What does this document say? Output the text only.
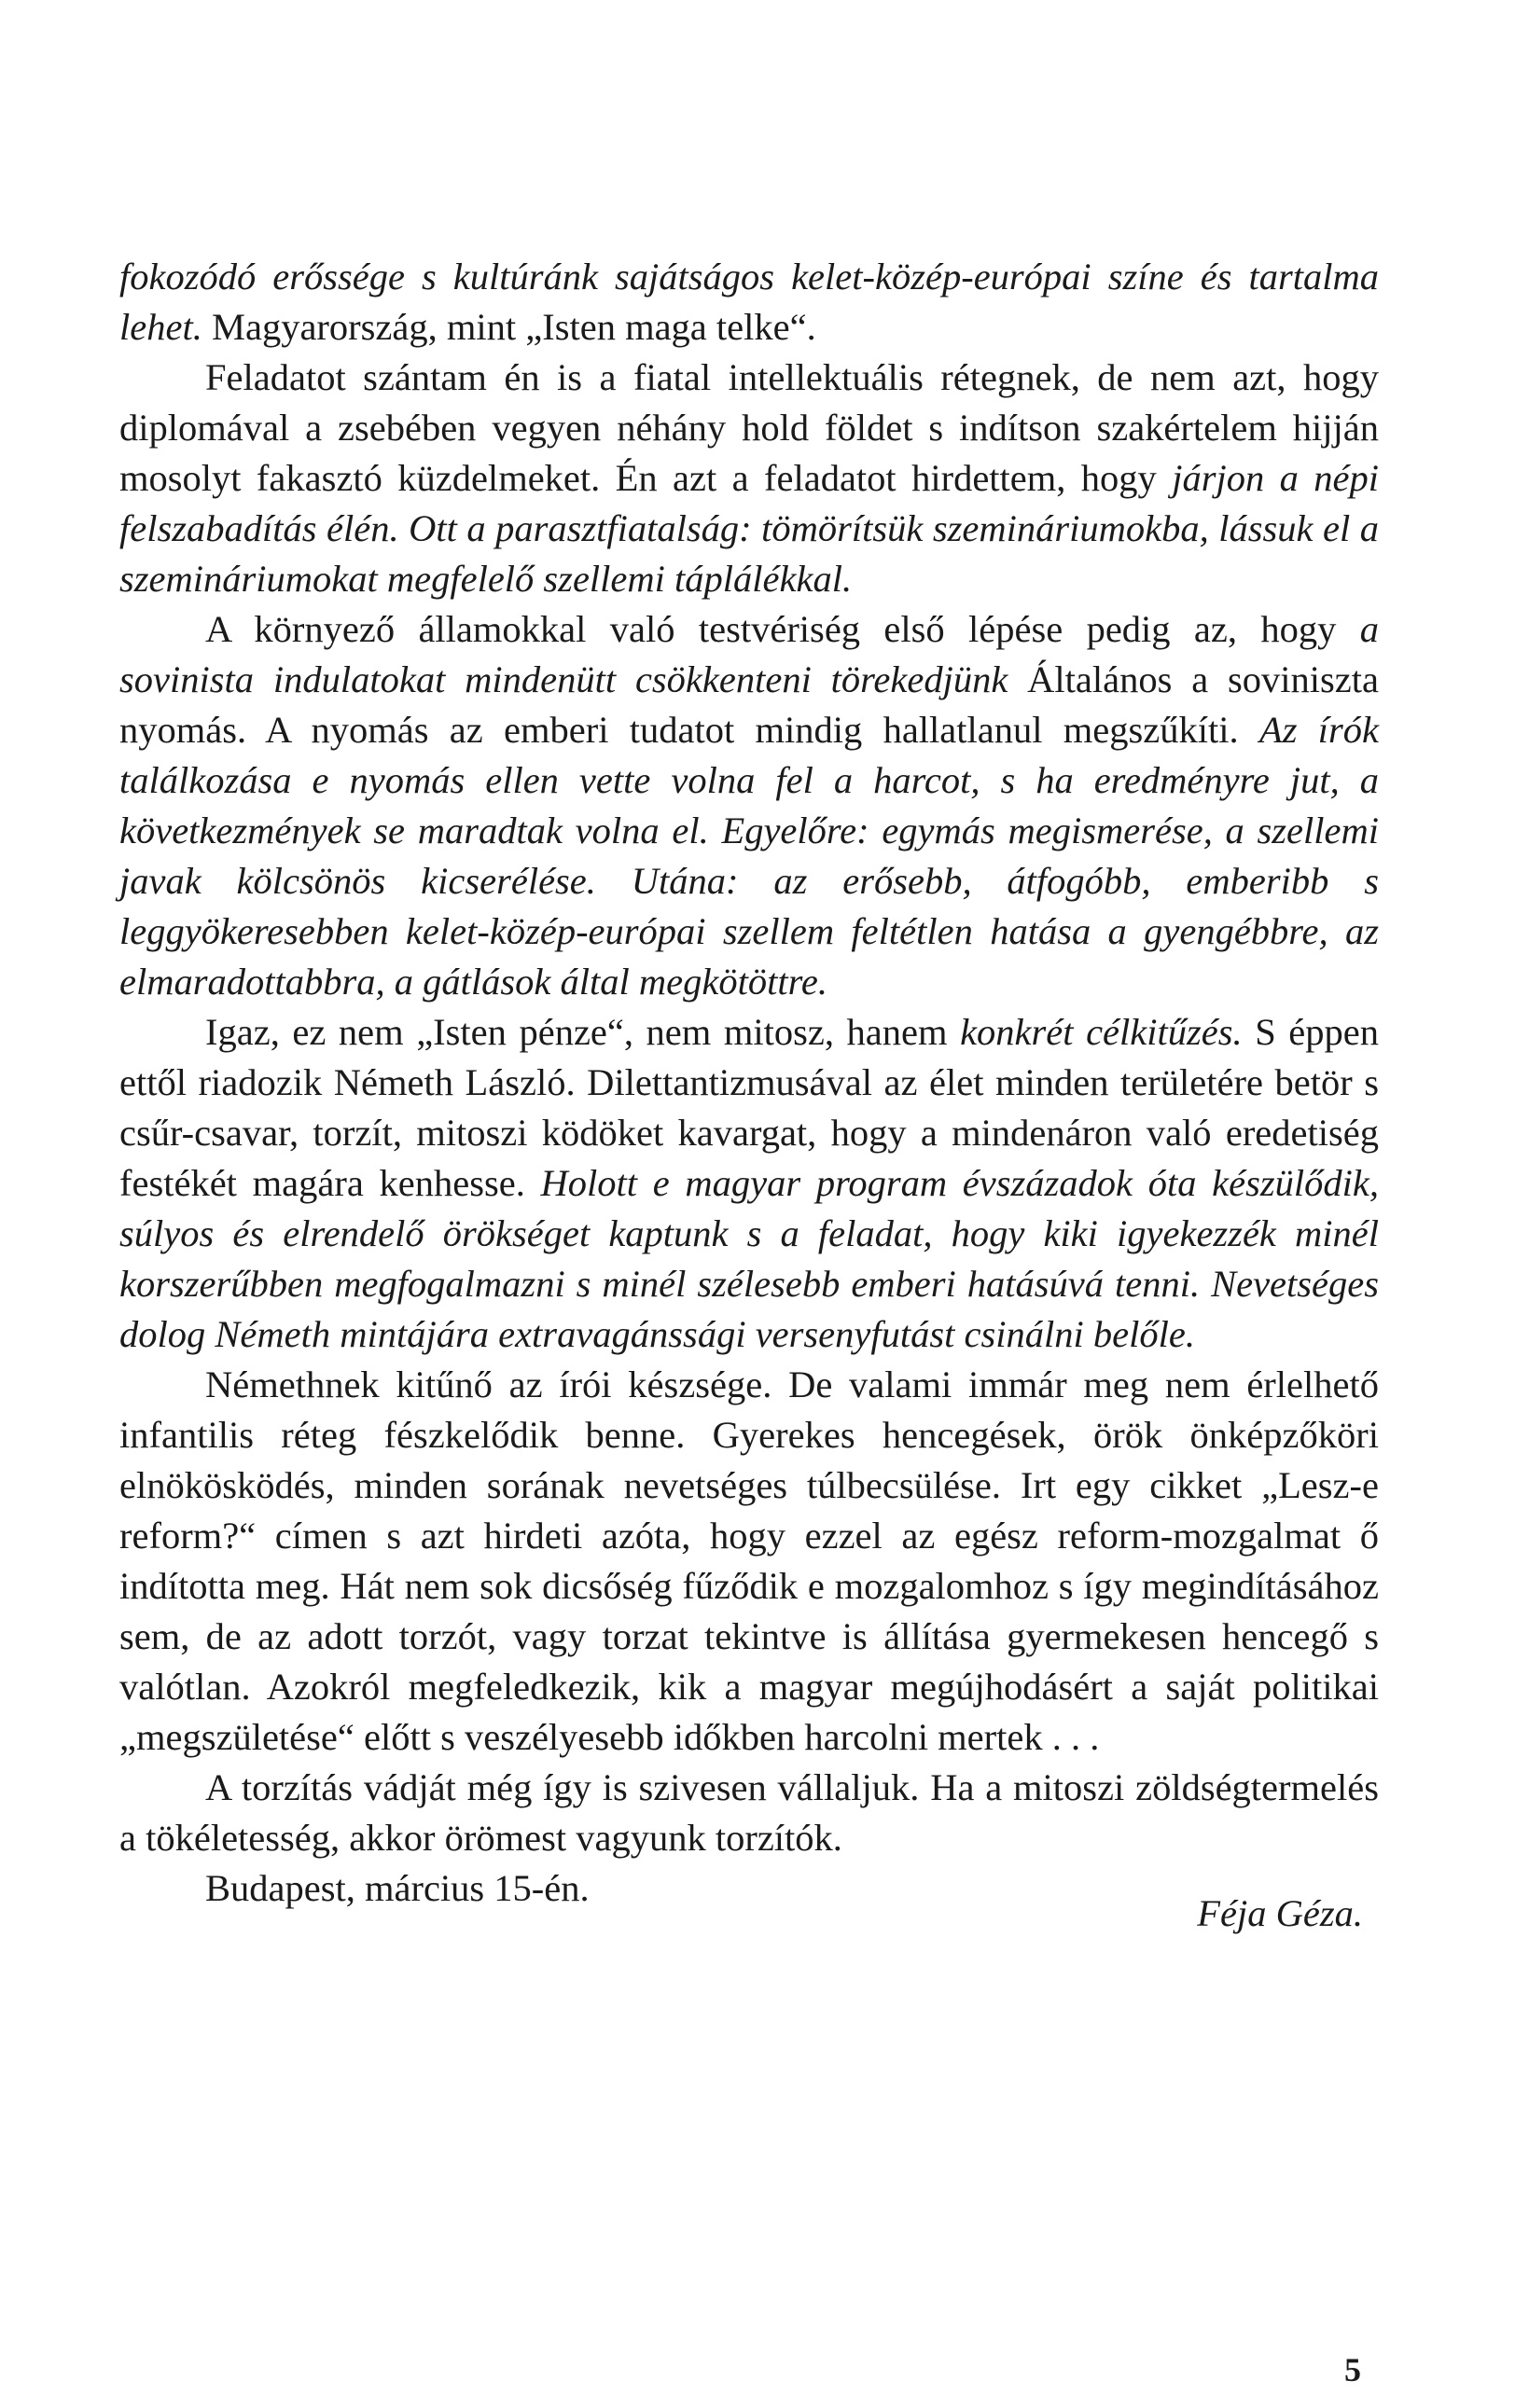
fokozódó erőssége s kultúránk sajátságos kelet-közép-európai színe és tartalma lehet. Magyarország, mint „Isten maga telke“.

Feladatot szántam én is a fiatal intellektuális rétegnek, de nem azt, hogy diplomával a zsebében vegyen néhány hold földet s indítson szakértelem hijján mosolyt fakasztó küzdelmeket. Én azt a feladatot hirdettem, hogy járjon a népi felszabadítás élén. Ott a parasztfiatalság: tömörítsük szemináriumokba, lássuk el a szemináriumokat megfelelő szellemi táplálékkal.

A környező államokkal való testvériség első lépése pedig az, hogy a sovinista indulatokat mindenütt csökkenteni törekedjünk Általános a soviniszta nyomás. A nyomás az emberi tudatot mindig hallatlanul megszűkíti. Az írók találkozása e nyomás ellen vette volna fel a harcot, s ha eredményre jut, a következmények se maradtak volna el. Egyelőre: egymás megismerése, a szellemi javak kölcsönös kicserélése. Utána: az erősebb, átfogóbb, emberibb s leggyökeresebben kelet-közép-európai szellem feltétlen hatása a gyengébbre, az elmaradottabbra, a gátlások által megkötöttre.

Igaz, ez nem „Isten pénze“, nem mitosz, hanem konkrét célkitűzés. S éppen ettől riadozik Németh László. Dilettantizmusával az élet minden területére betör s csűr-csavar, torzít, mitoszi ködöket kavargat, hogy a mindenáron való eredetiség festékét magára kenhesse. Holott e magyar program évszázadok óta készülődik, súlyos és elrendelő örökséget kaptunk s a feladat, hogy kiki igyekezzék minél korszerűbben megfogalmazni s minél szélesebb emberi hatásúvá tenni. Nevetséges dolog Németh mintájára extravagánssági versenyfutást csinálni belőle.

Némethnek kitűnő az írói készsége. De valami immár meg nem érlelhető infantilis réteg fészkelődik benne. Gyerekes hencegések, örök önképzőköri elnökösködés, minden sorának nevetséges túlbecsülése. Irt egy cikket „Lesz-e reform?“ címen s azt hirdeti azóta, hogy ezzel az egész reform-mozgalmat ő indította meg. Hát nem sok dicsőség fűződik e mozgalomhoz s így megindításához sem, de az adott torzót, vagy torzat tekintve is állítása gyermekesen hencegő s valótlan. Azokról megfeledkezik, kik a magyar megújhodásért a saját politikai „megszületése“ előtt s veszélyesebb időkben harcolni mertek . . .

A torzítás vádját még így is szivesen vállaljuk. Ha a mitoszi zöldségtermelés a tökéletesség, akkor örömest vagyunk torzítók.

Budapest, március 15-én.

Féja Géza.
5
